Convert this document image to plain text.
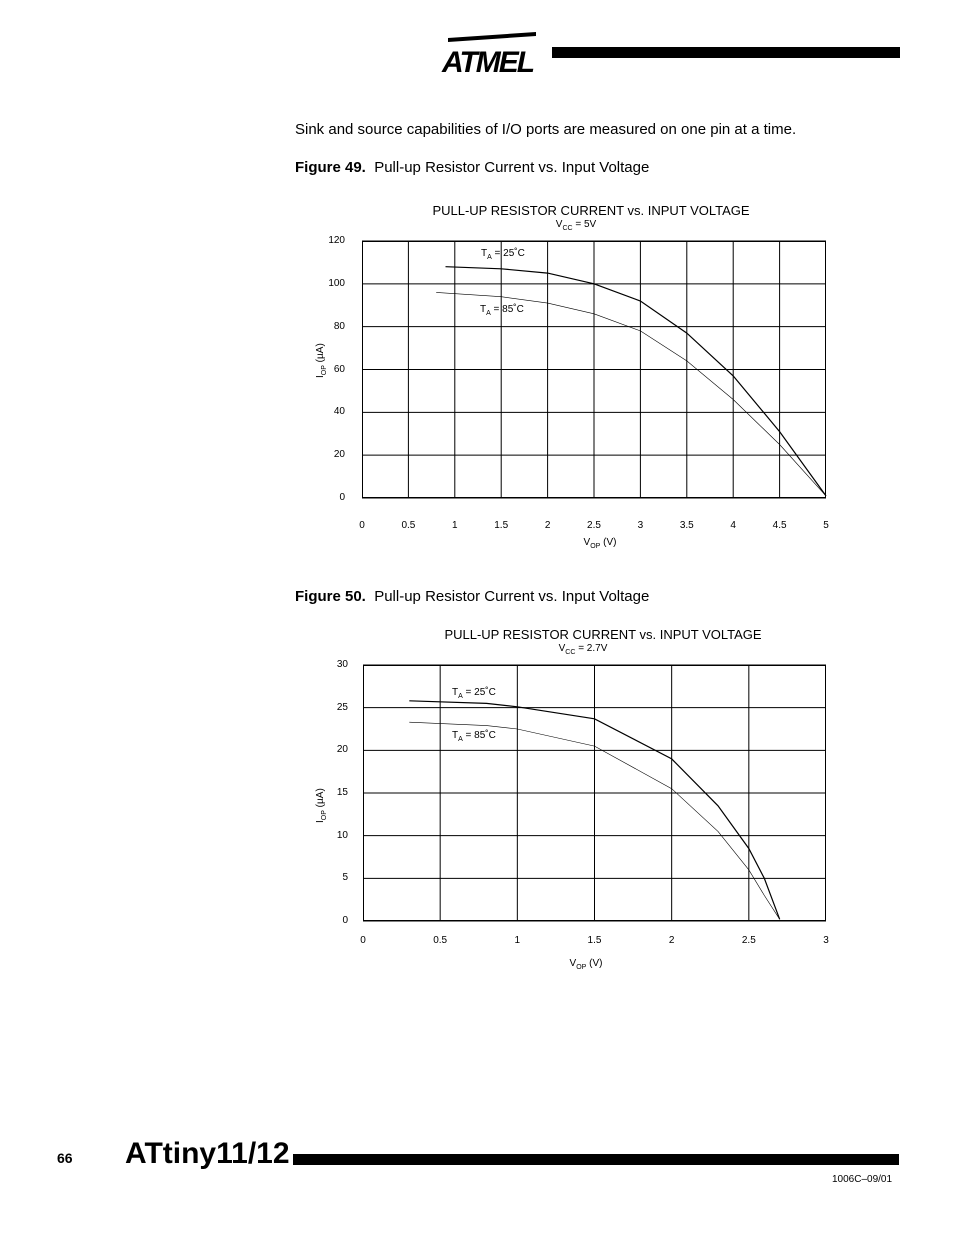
ATMEL
Sink and source capabilities of I/O ports are measured on one pin at a time.
Figure 49. Pull-up Resistor Current vs. Input Voltage
PULL-UP RESISTOR CURRENT vs. INPUT VOLTAGE
$V_{CC} = 5V$
0
20
40
60
80
100
120
0	0.5	1	1.5	2	2.5	3	3.5	4	4.5	5
$V_{OP}$ (V)
$I_{OP}$ (µA)
$T_A$ = 25˚C
$T_A$ = 85˚C
Figure 50. Pull-up Resistor Current vs. Input Voltage
PULL-UP RESISTOR CURRENT vs. INPUT VOLTAGE
$V_{CC} = 2.7V$
0
5
10
15
20
25
30
0	0.5	1	1.5	2	2.5	3
$V_{OP}$ (V)
$I_{OP}$ (µA)
$T_A$ = 25˚C
$T_A$ = 85˚C
66 ATtiny11/12
1006C–09/01
